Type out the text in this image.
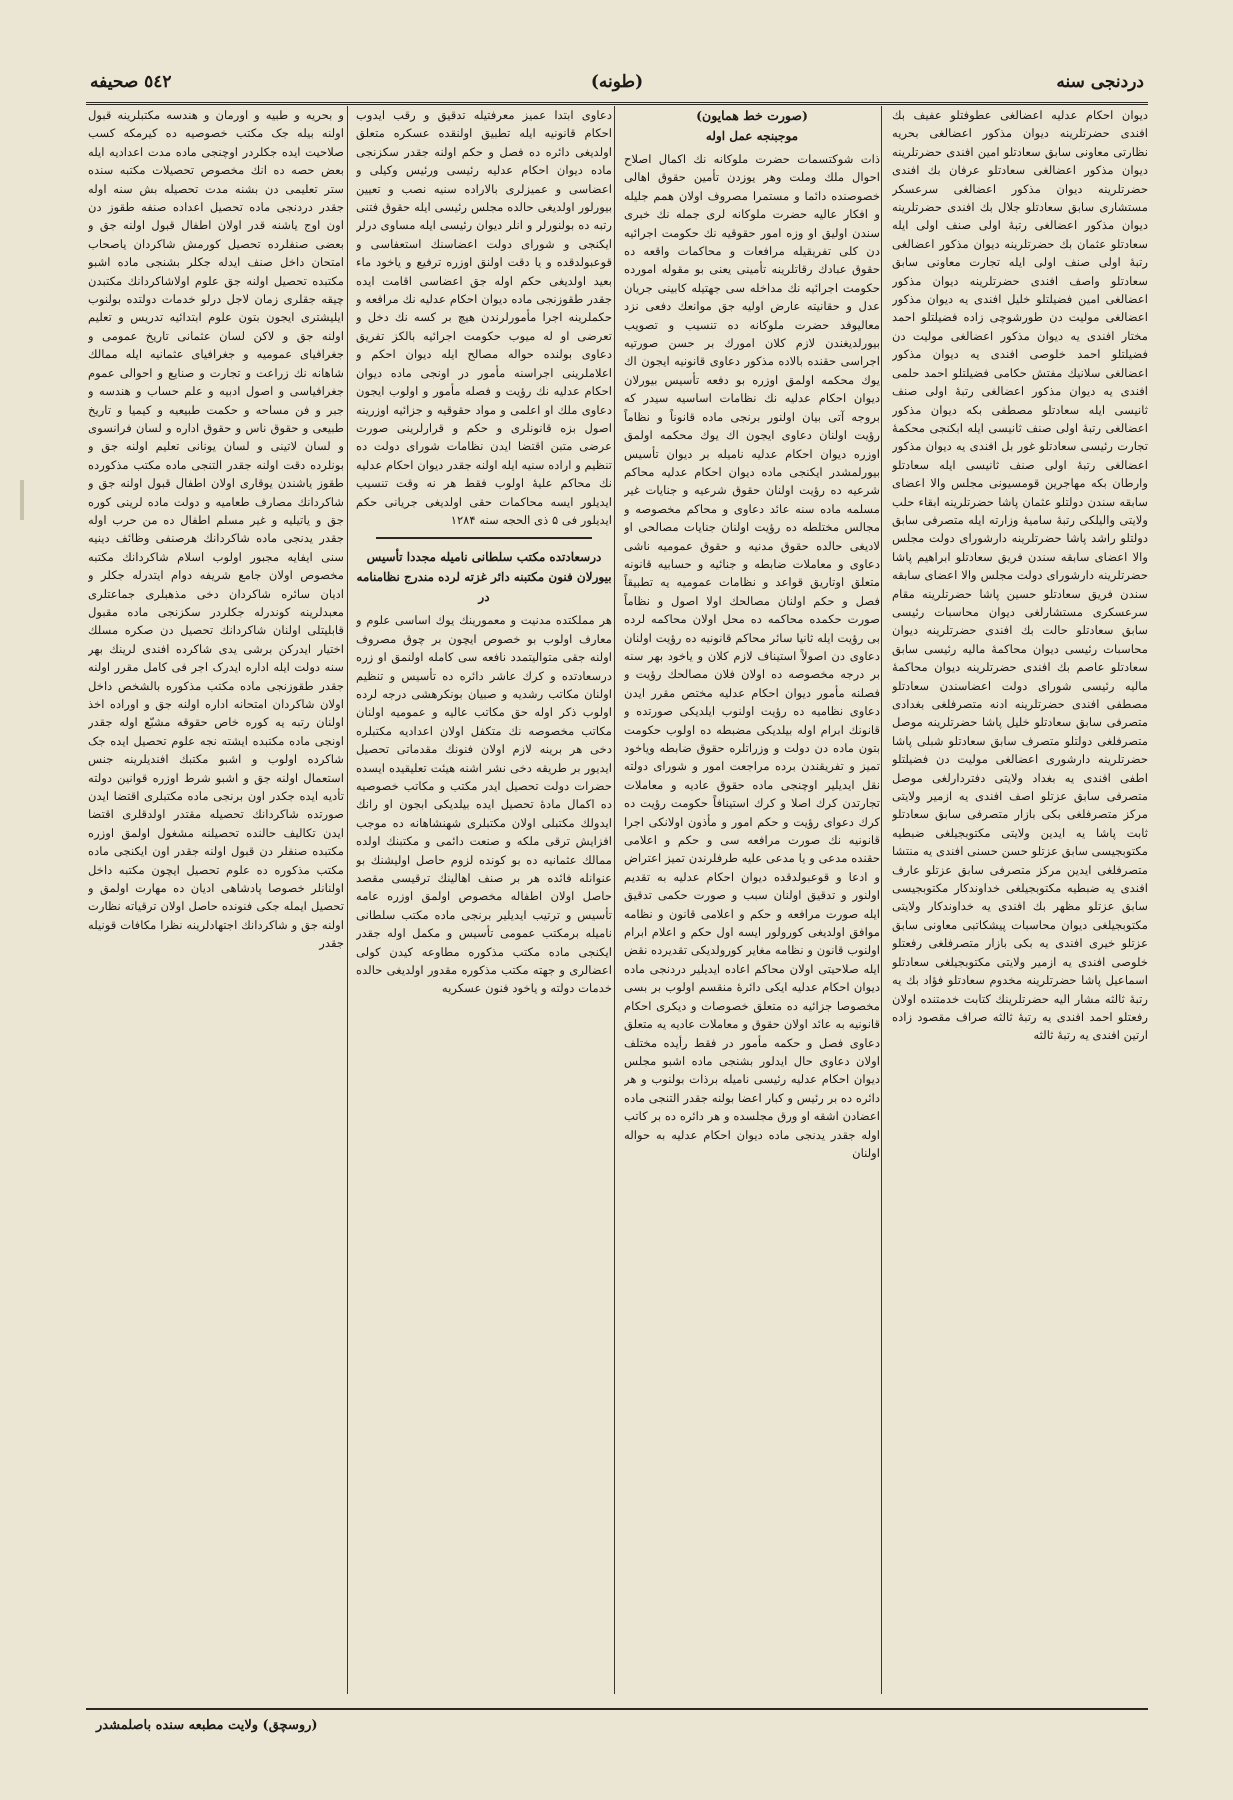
دردنجی سنه
(طونه)
٥٤٢ صحیفه
دیوان احکام عدلیه اعضالغی عطوفتلو عفیف بك افندی حضرتلرینه دیوان مذکور اعضالغی بحریه نظارتی معاونی سابق سعادتلو امین افندی حضرتلرینه دیوان مذکور اعضالغی سعادتلو عرفان بك افندی حضرتلرینه دیوان مذکور اعضالغی سرعسکر مستشاری سابق سعادتلو جلال بك افندی حضرتلرینه دیوان مذکور اعضالغی رتبهٔ اولی صنف اولی ایله سعادتلو عثمان بك حضرتلرینه دیوان مذکور اعضالغی رتبهٔ اولی صنف اولی ایله تجارت معاونی سابق سعادتلو واصف افندی حضرتلرینه دیوان مذکور اعضالغی امین فضیلتلو خلیل افندی یه دیوان مذکور اعضالغی مولیت دن طورشوچی زاده فضیلتلو احمد مختار افندی یه دیوان مذکور اعضالغی مولیت دن فضیلتلو احمد خلوصی افندی یه دیوان مذکور اعضالغی سلانیك مفتش حکامی فضیلتلو احمد حلمی افندی یه دیوان مذکور اعضالغی رتبهٔ اولی صنف ثانیسی ایله سعادتلو مصطفی بکه دیوان مذکور اعضالغی رتبهٔ اولی صنف ثانیسی ایله ابکنجی محکمهٔ تجارت رئیسی سعادتلو غور بل افندی یه دیوان مذکور اعضالغی رتبهٔ اولی صنف ثانیسی ایله سعادتلو وارطان بکه مهاجرین قومسیونی مجلس والا اعضای سابقه سندن دولتلو عثمان پاشا حضرتلرینه ابقاء حلب ولایتی والیلکی رتبهٔ سامیهٔ وزارته ایله متصرفی سابق دولتلو راشد پاشا حضرتلرینه دارشورای دولت مجلس والا اعضای سابقه سندن فریق سعادتلو ابراهیم پاشا حضرتلرینه دارشورای دولت مجلس والا اعضای سابقه سندن فریق سعادتلو حسین پاشا حضرتلرینه مقام سرعسکری مستشارلغی دیوان محاسبات رئیسی سابق سعادتلو حالت بك افندی حضرتلرینه دیوان محاسبات رئیسی دیوان محاکمهٔ مالیه رئیسی سابق سعادتلو عاصم بك افندی حضرتلرینه دیوان محاکمهٔ مالیه رئیسی شورای دولت اعضاسندن سعادتلو مصطفی افندی حضرتلرینه ادنه متصرفلغی بغدادی متصرفی سابق سعادتلو خلیل پاشا حضرتلرینه موصل متصرفلغی دولتلو متصرف سابق سعادتلو شبلی پاشا حضرتلرینه دارشوری اعضالغی مولیت دن فضیلتلو اطفی افندی یه بغداد ولایتی دفتردارلغی موصل متصرفی سابق عزتلو اصف افندی یه ازمیر ولایتی مرکز متصرفلغی بکی بازار متصرفی سابق سعادتلو ثابت پاشا یه ایدین ولایتی مکتوبجیلغی ضبطیه مکتوبجیسی سابق عزتلو حسن حسنی افندی یه منتشا متصرفلغی ایدین مرکز متصرفی سابق عزتلو عارف افندی یه ضبطیه مکتوبجیلغی خداوندکار مکتوبجیسی سابق عزتلو مظهر بك افندی یه خداوندکار ولایتی مکتوبجیلغی دیوان محاسبات پیشکاتبی معاونی سابق عزتلو خیری افندی یه بکی بازار متصرفلغی رفعتلو خلوصی افندی یه ازمیر ولایتی مکتوبجیلغی سعادتلو اسماعیل پاشا حضرتلرینه مخدوم سعادتلو فؤاد بك یه رتبهٔ ثالثه مشار الیه حضرتلرینك کتابت خدمتنده اولان رفعتلو احمد افندی یه رتبهٔ ثالثه صراف مقصود زاده ارتین افندی یه رتبهٔ ثالثه
(صورت خط همایون)
موجبنجه عمل اوله
ذات شوکتسمات حضرت ملوکانه نك اکمال اصلاح احوال ملك وملت وهر یوزدن تأمین حقوق اهالی خصوصنده دائما و مستمرا مصروف اولان همم جلیله و افکار عالیه حضرت ملوکانه لری جمله نك خبری سندن اولیق او وزه امور حقوقیه نك حکومت اجرائیه دن کلی تفریقیله مرافعات و محاکمات واقعه ده حقوق عبادك رقاتلرینه تأمینی یعنی بو مقوله امورده حکومت اجرائیه نك مداخله سی جهتیله کابینی جریان عدل و حقانیته عارض اولیه جق موانعك دفعی نزد معالیوفد حضرت ملوکانه ده تنسیب و تصویب بیورلدیغندن لازم کلان امورك بر حسن صورتیه اجراسی حقنده بالاده مذکور دعاوی قانونیه ایجون اك یوك محکمه اولمق اوزره بو دفعه تأسیس بیورلان دیوان احکام عدلیه نك نظامات اساسیه سیدر که بروجه آتی بیان اولنور برنجی ماده قانوناً و نظاماً رؤیت اولنان دعاوی ایجون اك یوك محکمه اولمق اوزره دیوان احکام عدلیه نامیله بر دیوان تأسیس بیورلمشدر ایکنجی ماده دیوان احکام عدلیه محاکم شرعیه ده رؤیت اولنان حقوق شرعیه و جنایات غیر مسلمه ماده سنه عائد دعاوی و محاکم مخصوصه و مجالس مختلطه ده رؤیت اولنان جنایات مصالحی او لادیغی حالده حقوق مدنیه و حقوق عمومیه ناشی دعاوی و معاملات ضابطه و جنائیه و حسابیه قانونه متعلق اوتاریق قواعد و نظامات عمومیه یه تطبیقاً فصل و حکم اولنان مصالحك اولا اصول و نظاماً صورت حکمده محاکمه ده محل اولان محاکمه لرده بی رؤیت ایله ثانیا سائر محاکم قانونیه ده رؤیت اولنان دعاوی دن اصولاً استیناف لازم کلان و یاخود بهر سنه بر درجه مخصوصه ده اولان فلان مصالحك رؤیت و فصلنه مأمور دیوان احکام عدلیه مختص مقرر ایدن دعاوی نظامیه ده رؤیت اولنوب ایلدیکی صورتده و قانونك ابرام اوله بیلدیکی مضبطه ده اولوب حکومت بتون ماده دن دولت و وزراتلره حقوق ضابطه ویاخود تمیز و تفریقندن برده مراجعت امور و شورای دولته نقل ایدیلیر اوچنجی ماده حقوق عادیه و معاملات تجارتدن کرك اصلا و کرك استینافاً حکومت رؤیت ده کرك دعوای رؤیت و حکم امور و مأذون اولانکی اجرا قانونیه نك صورت مرافعه سی و حکم و اعلامی حقنده مدعی و یا مدعی علیه طرفلرندن تمیز اعتراض و ادعا و قوعبولدقده دیوان احکام عدلیه به تقدیم اولنور و تدقیق اولنان سبب و صورت حکمی تدقیق ایله صورت مرافعه و حکم و اعلامی قانون و نظامه موافق اولدیغی کورولور ایسه اول حکم و اعلام ابرام اولنوب قانون و نظامه مغایر کورولدیکی تقدیرده نقض ایله صلاحیتی اولان محاکم اعاده ایدیلیر دردنجی ماده دیوان احکام عدلیه ایکی دائرهٔ منقسم اولوب بر بسی مخصوصا جزائیه ده متعلق خصوصات و دیکری احکام قانونیه به عائد اولان حقوق و معاملات عادیه یه متعلق دعاوی فصل و حکمه مأمور در فقط رأیده مختلف اولان دعاوی حال ایدلور بشنجی ماده اشبو مجلس دیوان احکام عدلیه رئیسی نامیله برذات بولنوب و هر دائره ده بر رئیس و کبار اعضا بولنه جقدر التنجی ماده اعضادن اشقه او ورق مجلسده و هر دائره ده بر کاتب اوله جقدر یدنجی ماده دیوان احکام عدلیه به حواله اولنان
دعاوی ابتدا عمیز معرفتیله تدقیق و رقب ایدوب احکام قانونیه ایله تطبیق اولنقده عسکره متعلق اولدیغی دائره ده فصل و حکم اولنه جقدر سکزنجی ماده دیوان احکام عدلیه رئیسی ورئیس وکیلی و اعضاسی و عمیزلری بالاراده سنیه نصب و تعیین بیورلور اولدیغی حالده مجلس رئیسی ایله حقوق فتنی رتبه ده بولنورلر و انلر دیوان رئیسی ایله مساوی درلر ایکنجی و شورای دولت اعضاسنك استعفاسی و قوعبولدقده و یا دقت اولنق اوزره ترفیع و یاخود ماء بعید اولدیغی حکم اوله جق اعضاسی اقامت ایده جقدر طقوزنجی ماده دیوان احکام عدلیه نك مرافعه و حکملرینه اجرا مأمورلرندن هیچ بر کسه نك دخل و تعرضی او له میوب حکومت اجرائیه بالکز تفریق دعاوی بولنده حواله مصالح ایله دیوان احکم و اعلاملرینی اجراسنه مأمور در اونجی ماده دیوان احکام عدلیه نك رؤیت و فصله مأمور و اولوب ایجون دعاوی ملك او اعلمی و مواد حقوقیه و جزائیه اوزرینه اصول بزه قانونلری و حکم و قرارلرینی صورت عرضی متبن اقتضا ایدن نظامات شورای دولت ده تنظیم و اراده سنیه ایله اولنه جقدر دیوان احکام عدلیه نك محاکم علیهٔ اولوب فقط هر نه وقت تنسیب ایدیلور ایسه محاکمات حقی اولدیغی جریانی حکم ایدیلور فی ۵ ذی الحجه سنه ۱۲۸۴
درسعادتده مکتب سلطانی نامیله مجددا تأسیس بیورلان فنون مکتبنه دائر غزته لرده مندرج نظامنامه در
هر مملکتده مدنیت و معمورینك یوك اساسی علوم و معارف اولوب بو خصوص ایچون بر چوق مصروف اولنه جقی متوالیتمدد نافعه سی کامله اولنمق او زره درسعادتده و کرك عاشر دائره ده تأسیس و تنظیم اولنان مکاتب رشدیه و صبیان بونكرهشی درجه لرده اولوب ذکر اوله حق مکاتب عالیه و عمومیه اولنان مکاتب مخصوصه نك متکفل اولان اعدادیه مکتبلره دخی هر برینه لازم اولان فنونك مقدماتی تحصیل ایدیور بر طریقه دخی نشر اشنه هیئت تعلیقیده ایسده حضرات دولت تحصیل ایدر مکتب و مکاتب خصوصیه ده اکمال مادهٔ تحصیل ایده بیلدیکی ابجون او رانك ایدولك مکتبلی اولان مکتبلری شهنشاهانه ده موجب افزایش ترقی ملکه و صنعت دائمی و مکتبنك اولده ممالك عثمانیه ده بو کونده لزوم حاصل اولیشنك بو عنوانله فائده هر بر صنف اهالینك ترقیسی مقصد حاصل اولان اطفاله مخصوص اولمق اوزره عامه تأسیس و ترتیب ایدیلیر برنجی ماده مکتب سلطانی نامیله برمکتب عمومی تأسیس و مکمل اوله جقدر ایکنجی ماده مکتب مذکوره مطاوعه کیدن کولی اعضالری و جهته مکتب مذکوره مقدور اولدیغی حالده خدمات دولته و یاخود فنون عسکریه
و بحریه و طبیه و اورمان و هندسه مکتبلرینه قبول اولنه بیله جک مکتب خصوصیه ده کیرمکه کسب صلاحیت ایده جکلردر اوچنجی ماده مدت اعدادیه ایله بعض حصه ده انك مخصوص تحصیلات مکتبه سنده ستر تعلیمی دن بشنه مدت تحصیله بش سنه اوله جقدر دردنجی ماده تحصیل اعداده صنفه طقوز دن اون اوج یاشنه قدر اولان اطفال قبول اولنه جق و بعضی صنفلرده تحصیل کورمش شاکردان یاصحاب امتحان داخل صنف ایدله جکلر بشنجی ماده اشبو مکتبده تحصیل اولنه جق علوم اولاشاکردانك مکتبدن چیقه جقلری زمان لاجل درلو خدمات دولتده بولنوب ایلیشتری ایجون بتون علوم ابتدائیه تدریس و تعلیم اولنه جق و لاکن لسان عثمانی تاریخ عمومی و جغرافیای عمومیه و جغرافیای عثمانیه ایله ممالك شاهانه نك زراعت و تجارت و صنایع و احوالی عموم جغرافیاسی و اصول ادبیه و علم حساب و هندسه و جبر و فن مساحه و حکمت طبیعیه و کیمیا و تاریخ طبیعی و حقوق ناس و حقوق اداره و لسان فرانسوی و لسان لاتینی و لسان یونانی تعلیم اولنه جق و بونلرده دقت اولنه جقدر التنجی ماده مکتب مذکورده طقوز یاشندن یوقاری اولان اطفال قبول اولنه جق و شاکردانك مصارف طعامیه و دولت ماده لرینی کوره جق و یاتیلیه و غیر مسلم اطفال ده من حرب اوله جقدر یدنجی ماده شاکردانك هرصنفی وظائف دینیه سنی ایفایه مجبور اولوب اسلام شاکردانك مکتبه مخصوص اولان جامع شریفه دوام ایتدرله جکلر و ادیان سائره شاکردان دخی مذهبلری جماعتلری معبدلرینه کوندرله جکلردر سکزنجی ماده مقبول قابلیتلی اولنان شاکردانك تحصیل دن صکره مسلك اختیار ایدرکن برشی یدی شاکرده افندی لرینك بهر سنه دولت ایله اداره ایدرک اجر فی کامل مقرر اولنه جقدر طقوزنجی ماده مکتب مذکوره بالشخص داخل اولان شاکردان امتحانه اداره اولنه جق و اوراده اخذ اولنان رتبه یه کوره خاص حقوقه مشبّع اوله جقدر اونجی ماده مکتبده ایشته نجه علوم تحصیل ایده جک شاکرده اولوب و اشبو مکتبك افندیلرینه جنس استعمال اولنه جق و اشبو شرط اوزره قوانین دولته تأدیه ایده جکدر اون برنجی ماده مکتبلری اقتضا ایدن صورتده شاکردانك تحصیله مقتدر اولدقلری اقتضا ایدن تکالیف حالنده تحصیلنه مشغول اولمق اوزره مکتبده صنفلر دن قبول اولنه جقدر اون ایکنجی ماده مکتب مذکوره ده علوم تحصیل ایچون مکتبه داخل اولنانلر خصوصا پادشاهی ادیان ده مهارت اولمق و تحصیل ایمله جکی فنونده حاصل اولان ترقیاته نظارت اولنه جق و شاکردانك اجتهادلرینه نظرا مکافات قونیله جقدر
(روسچق) ولایت مطبعه سنده باصلمشدر
